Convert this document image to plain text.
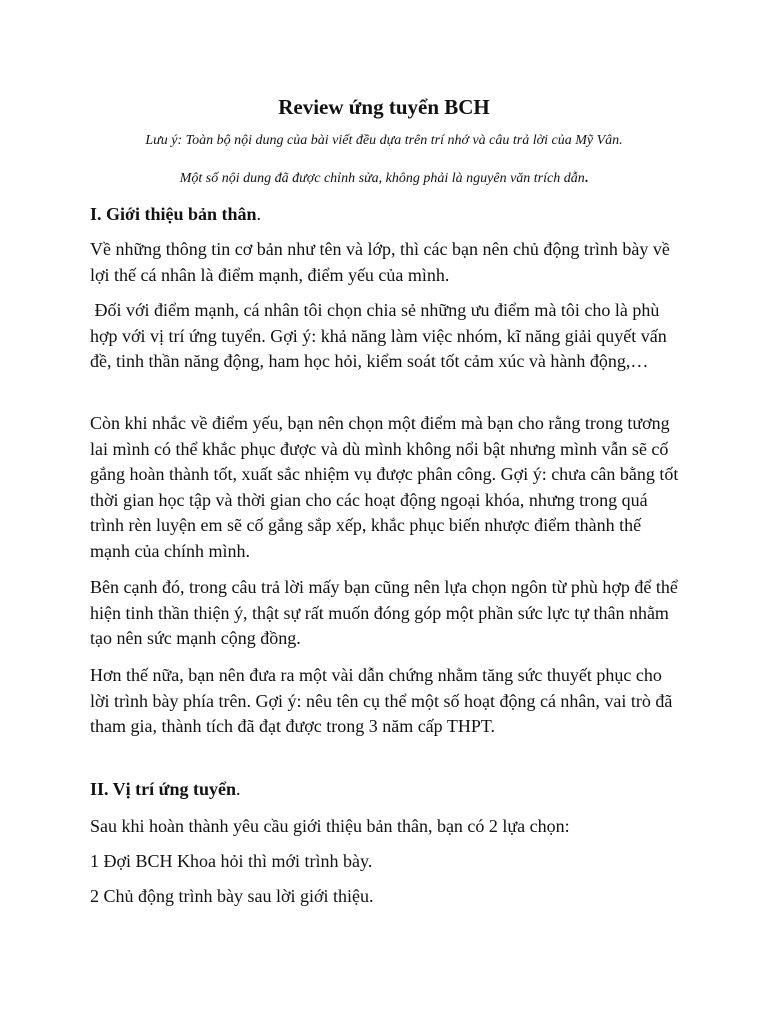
Review ứng tuyển BCH
Lưu ý: Toàn bộ nội dung của bài viết đều dựa trên trí nhớ và câu trả lời của Mỹ Vân.
Một số nội dung đã được chỉnh sửa, không phải là nguyên văn trích dẫn.
I. Giới thiệu bản thân.

Về những thông tin cơ bản như tên và lớp, thì các bạn nên chủ động trình bày về lợi thế cá nhân là điểm mạnh, điểm yếu của mình.

Đối với điểm mạnh, cá nhân tôi chọn chia sẻ những ưu điểm mà tôi cho là phù hợp với vị trí ứng tuyển. Gợi ý: khả năng làm việc nhóm, kĩ năng giải quyết vấn đề, tinh thần năng động, ham học hỏi, kiểm soát tốt cảm xúc và hành động,…

Còn khi nhắc về điểm yếu, bạn nên chọn một điểm mà bạn cho rằng trong tương lai mình có thể khắc phục được và dù mình không nổi bật nhưng mình vẫn sẽ cố gắng hoàn thành tốt, xuất sắc nhiệm vụ được phân công. Gợi ý: chưa cân bằng tốt thời gian học tập và thời gian cho các hoạt động ngoại khóa, nhưng trong quá trình rèn luyện em sẽ cố gắng sắp xếp, khắc phục biến nhược điểm thành thế mạnh của chính mình.

Bên cạnh đó, trong câu trả lời mấy bạn cũng nên lựa chọn ngôn từ phù hợp để thể hiện tinh thần thiện ý, thật sự rất muốn đóng góp một phần sức lực tự thân nhằm tạo nên sức mạnh cộng đồng.

Hơn thế nữa, bạn nên đưa ra một vài dẫn chứng nhằm tăng sức thuyết phục cho lời trình bày phía trên. Gợi ý: nêu tên cụ thể một số hoạt động cá nhân, vai trò đã tham gia, thành tích đã đạt được trong 3 năm cấp THPT.

II. Vị trí ứng tuyển.

Sau khi hoàn thành yêu cầu giới thiệu bản thân, bạn có 2 lựa chọn:

1 Đợi BCH Khoa hỏi thì mới trình bày.

2 Chủ động trình bày sau lời giới thiệu.
